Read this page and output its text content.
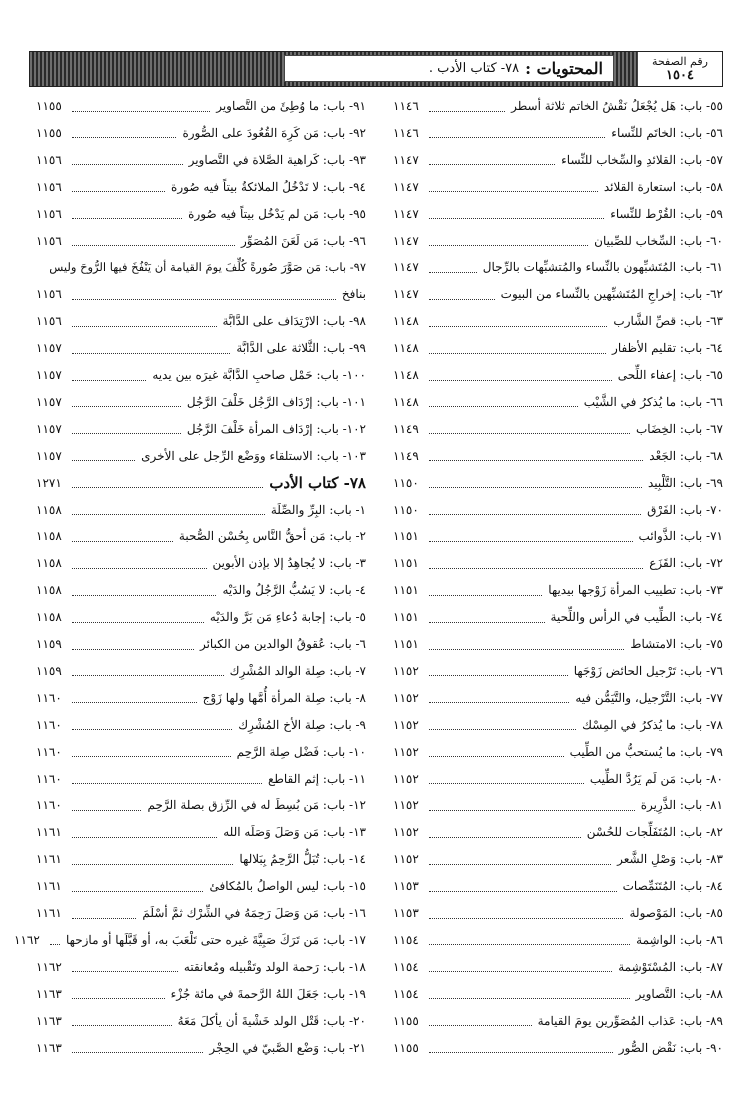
المحتويات :
٧٨- كتاب الأدب .	رقم الصفحة
١٥٠٤
٥٥- باب: هَل يُجْعَلُ نَقْشُ الخاتم ثلاثة أسطر
١١٤٦
٥٦- باب: الخاتَم للنِّساء
١١٤٦
٥٧- باب: القلائدِ والسِّخاب للنِّساء
١١٤٧
٥٨- باب: استعارة القلائد
١١٤٧
٥٩- باب: القُرْط للنِّساء
١١٤٧
٦٠- باب: السِّخاب للصِّبيان
١١٤٧
٦١- باب: المُتَشبِّهون بالنِّساء والمُتشبِّهات بالرِّجال
١١٤٧
٦٢- باب: إخراجِ المُتَشبِّهين بالنِّساء من البيوت
١١٤٧
٦٣- باب: قصِّ الشَّارب
١١٤٨
٦٤- باب: تقليم الأظفار
١١٤٨
٦٥- باب: إعفاء اللِّحى
١١٤٨
٦٦- باب: ما يُذكرُ في الشَّيْب
١١٤٨
٦٧- باب: الخِضَاب
١١٤٩
٦٨- باب: الجَعْد
١١٤٩
٦٩- باب: التَّلْبِيد
١١٥٠
٧٠- باب: الفَرْق
١١٥٠
٧١- باب: الذَّوائب
١١٥١
٧٢- باب: القَزَع
١١٥١
٧٣- باب: تطييب المرأة زَوْجها بيديها
١١٥١
٧٤- باب: الطِّيب في الرأس واللِّحية
١١٥١
٧٥- باب: الامتشاط
١١٥١
٧٦- باب: تَرْجيل الحائض زَوْجَها
١١٥٢
٧٧- باب: التَّرْجيل، والتَّيَمُّن فيه
١١٥٢
٧٨- باب: ما يُذكرُ في المِسْك
١١٥٢
٧٩- باب: ما يُستحبُّ من الطِّيب
١١٥٢
٨٠- باب: مَن لَم يَرُدَّ الطِّيب
١١٥٢
٨١- باب: الذَّرِيرة
١١٥٢
٨٢- باب: المُتَفَلِّجات للحُسْن
١١٥٢
٨٣- باب: وَصْلِ الشَّعر
١١٥٢
٨٤- باب: المُتَنَمِّصات
١١٥٣
٨٥- باب: المَوْصولة
١١٥٣
٨٦- باب: الواشِمة
١١٥٤
٨٧- باب: المُسْتَوْشِمة
١١٥٤
٨٨- باب: التَّصاوير
١١٥٤
٨٩- باب: عَذاب المُصَوِّرين يومَ القيامة
١١٥٥
٩٠- باب: نَقْض الصُّور
١١٥٥
٩١- باب: ما وُطِئَ من التَّصاوير
١١٥٥
٩٢- باب: مَن كَرِهَ القُعُودَ على الصُّورة
١١٥٥
٩٣- باب: كَراهية الصَّلاة في التَّصاوير
١١٥٦
٩٤- باب: لا تَدْخُلُ الملائكةُ بيتاً فيه صُورة
١١٥٦
٩٥- باب: مَن لم يَدْخُل بيتاً فيه صُورة
١١٥٦
٩٦- باب: مَن لَعَنَ المُصَوِّر
١١٥٦
٩٧- باب: مَن صَوَّرَ صُورةً كُلِّفَ يومَ القيامة أن يَنْفُخَ فيها الرُّوحَ وليس
بنافخ
١١٥٦
٩٨- باب: الارْتِدَاف على الدَّابَّة
١١٥٦
٩٩- باب: الثَّلاثة على الدَّابَّة
١١٥٧
١٠٠- باب: حَمْل صاحبِ الدَّابَّة غيرَه بين يديه
١١٥٧
١٠١- باب: إرْدَاف الرَّجُل خَلْفَ الرَّجُل
١١٥٧
١٠٢- باب: إرْدَاف المرأة خَلْفَ الرَّجُل
١١٥٧
١٠٣- باب: الاستلقاء ووَضْع الرِّجل على الأخرى
١١٥٧
٧٨- كتاب الأدب
١٢٧١
١- باب: البِرِّ والصِّلَة
١١٥٨
٢- باب: مَن أحقُّ النَّاس بِحُسْن الصُّحبة
١١٥٨
٣- باب: لا يُجاهِدُ إلا بإذن الأبوين
١١٥٨
٤- باب: لا يَسُبُّ الرَّجُلُ والدَيْه
١١٥٨
٥- باب: إجابة دُعاءِ مَن بَرَّ والدَيْه
١١٥٨
٦- باب: عُقوقُ الوالدين من الكبائر
١١٥٩
٧- باب: صِلة الوالد المُشْرِك
١١٥٩
٨- باب: صِلة المرأة أُمَّها ولها زَوْج
١١٦٠
٩- باب: صِلة الأخ المُشْرِك
١١٦٠
١٠- باب: فَضْل صِلة الرَّحِم
١١٦٠
١١- باب: إثم القاطع
١١٦٠
١٢- باب: مَن بُسِطَ له في الرِّزق بصلة الرَّحِم
١١٦٠
١٣- باب: مَن وَصَلَ وَصَلَه الله
١١٦١
١٤- باب: تُبَلُّ الرَّحِمُ بِبَلالها
١١٦١
١٥- باب: ليس الواصلُ بالمُكافئ
١١٦١
١٦- باب: مَن وَصَلَ رَحِمَهُ في الشِّرْك ثمَّ أسْلَمَ
١١٦١
١٧- باب: مَن تَرَكَ صَبِيَّةَ غيره حتى تَلْعَبَ به، أو قَبَّلَها أو مازحها
١١٦٢
١٨- باب: رَحمة الولد وتَقْبيله ومُعانقته
١١٦٢
١٩- باب: جَعَلَ اللهُ الرَّحمةَ في مائة جُزْء
١١٦٣
٢٠- باب: قَتْل الولد خَشْيةَ أن يأكلَ مَعَهُ
١١٦٣
٢١- باب: وَضْع الصَّبيّ في الحِجْر
١١٦٣
